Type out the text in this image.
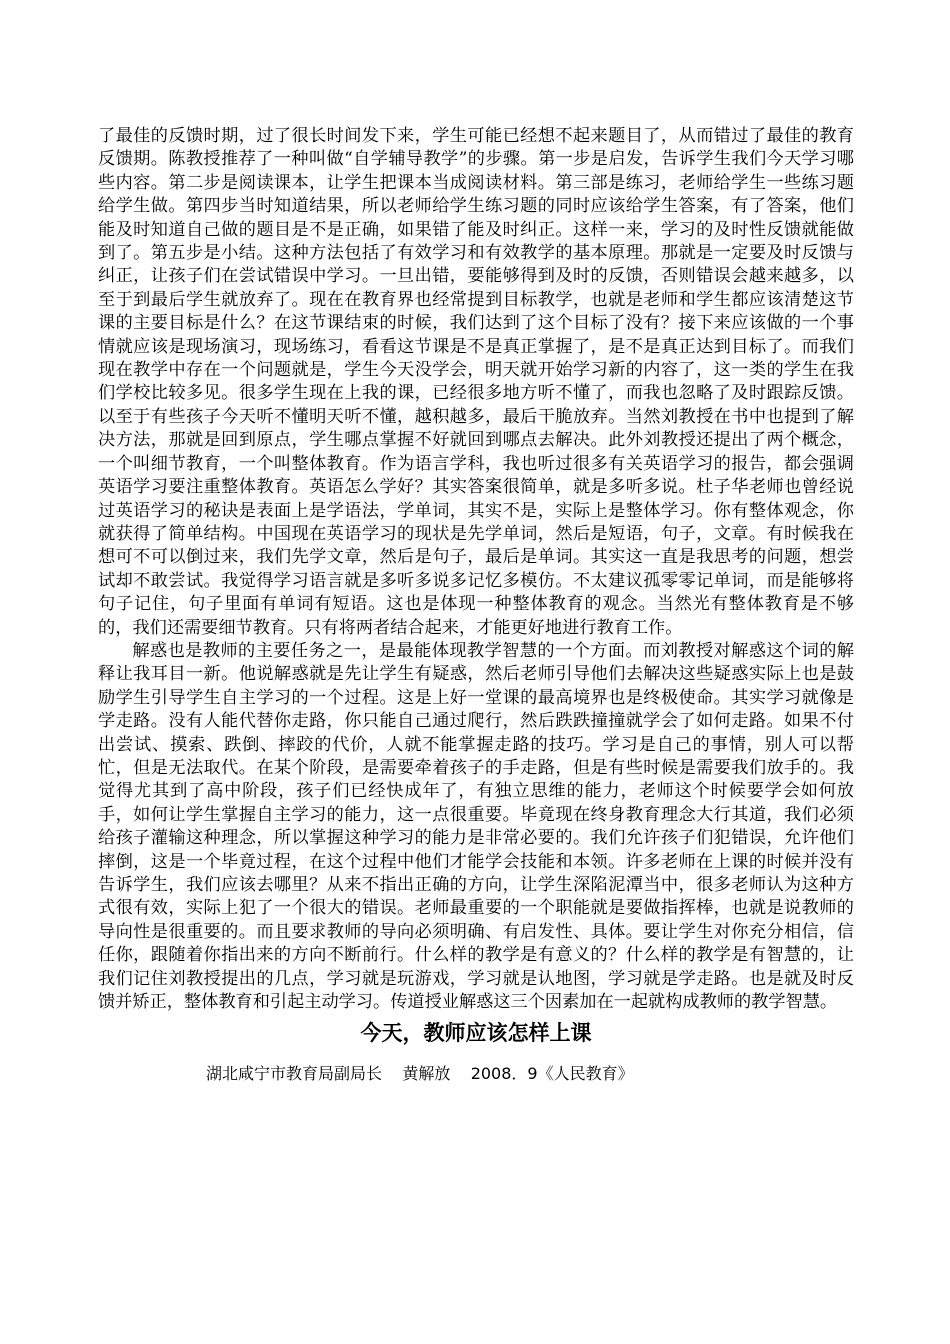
了最佳的反馈时期，过了很长时间发下来，学生可能已经想不起来题目了，从而错过了最佳的教育反馈期。陈教授推荐了一种叫做“自学辅导教学”的步骤。第一步是启发，告诉学生我们今天学习哪些内容。第二步是阅读课本，让学生把课本当成阅读材料。第三部是练习，老师给学生一些练习题给学生做。第四步当时知道结果，所以老师给学生练习题的同时应该给学生答案，有了答案，他们能及时知道自己做的题目是不是正确，如果错了能及时纠正。这样一来，学习的及时性反馈就能做到了。第五步是小结。这种方法包括了有效学习和有效教学的基本原理。那就是一定要及时反馈与纠正，让孩子们在尝试错误中学习。一旦出错，要能够得到及时的反馈，否则错误会越来越多，以至于到最后学生就放弃了。现在在教育界也经常提到目标教学，也就是老师和学生都应该清楚这节课的主要目标是什么？在这节课结束的时候，我们达到了这个目标了没有？接下来应该做的一个事情就应该是现场演习，现场练习，看看这节课是不是真正掌握了，是不是真正达到目标了。而我们现在教学中存在一个问题就是，学生今天没学会，明天就开始学习新的内容了，这一类的学生在我们学校比较多见。很多学生现在上我的课，已经很多地方听不懂了，而我也忽略了及时跟踪反馈。以至于有些孩子今天听不懂明天听不懂，越积越多，最后干脆放弃。当然刘教授在书中也提到了解决方法，那就是回到原点，学生哪点掌握不好就回到哪点去解决。此外刘教授还提出了两个概念，一个叫细节教育，一个叫整体教育。作为语言学科，我也听过很多有关英语学习的报告，都会强调英语学习要注重整体教育。英语怎么学好？其实答案很简单，就是多听多说。杜子华老师也曾经说过英语学习的秘诀是表面上是学语法，学单词，其实不是，实际上是整体学习。你有整体观念，你就获得了简单结构。中国现在英语学习的现状是先学单词，然后是短语，句子，文章。有时候我在想可不可以倒过来，我们先学文章，然后是句子，最后是单词。其实这一直是我思考的问题，想尝试却不敢尝试。我觉得学习语言就是多听多说多记忆多模仿。不太建议孤零零记单词，而是能够将句子记住，句子里面有单词有短语。这也是体现一种整体教育的观念。当然光有整体教育是不够的，我们还需要细节教育。只有将两者结合起来，才能更好地进行教育工作。

解惑也是教师的主要任务之一，是最能体现教学智慧的一个方面。而刘教授对解惑这个词的解释让我耳目一新。他说解惑就是先让学生有疑惑，然后老师引导他们去解决这些疑惑实际上也是鼓励学生引导学生自主学习的一个过程。这是上好一堂课的最高境界也是终极使命。其实学习就像是学走路。没有人能代替你走路，你只能自己通过爬行，然后跌跌撞撞就学会了如何走路。如果不付出尝试、摸索、跌倒、摔跤的代价，人就不能掌握走路的技巧。学习是自己的事情，别人可以帮忙，但是无法取代。在某个阶段，是需要牵着孩子的手走路，但是有些时候是需要我们放手的。我觉得尤其到了高中阶段，孩子们已经快成年了，有独立思维的能力，老师这个时候要学会如何放手，如何让学生掌握自主学习的能力，这一点很重要。毕竟现在终身教育理念大行其道，我们必须给孩子灌输这种理念，所以掌握这种学习的能力是非常必要的。我们允许孩子们犯错误，允许他们摔倒，这是一个毕竟过程，在这个过程中他们才能学会技能和本领。许多老师在上课的时候并没有告诉学生，我们应该去哪里？从来不指出正确的方向，让学生深陷泥潭当中，很多老师认为这种方式很有效，实际上犯了一个很大的错误。老师最重要的一个职能就是要做指挥棒，也就是说教师的导向性是很重要的。而且要求教师的导向必须明确、有启发性、具体。要让学生对你充分相信，信任你，跟随着你指出来的方向不断前行。什么样的教学是有意义的？什么样的教学是有智慧的，让我们记住刘教授提出的几点，学习就是玩游戏，学习就是认地图，学习就是学走路。也是就及时反馈并矫正，整体教育和引起主动学习。传道授业解惑这三个因素加在一起就构成教师的教学智慧。

今天，教师应该怎样上课

湖北咸宁市教育局副局长    黄解放    2008．9《人民教育》
